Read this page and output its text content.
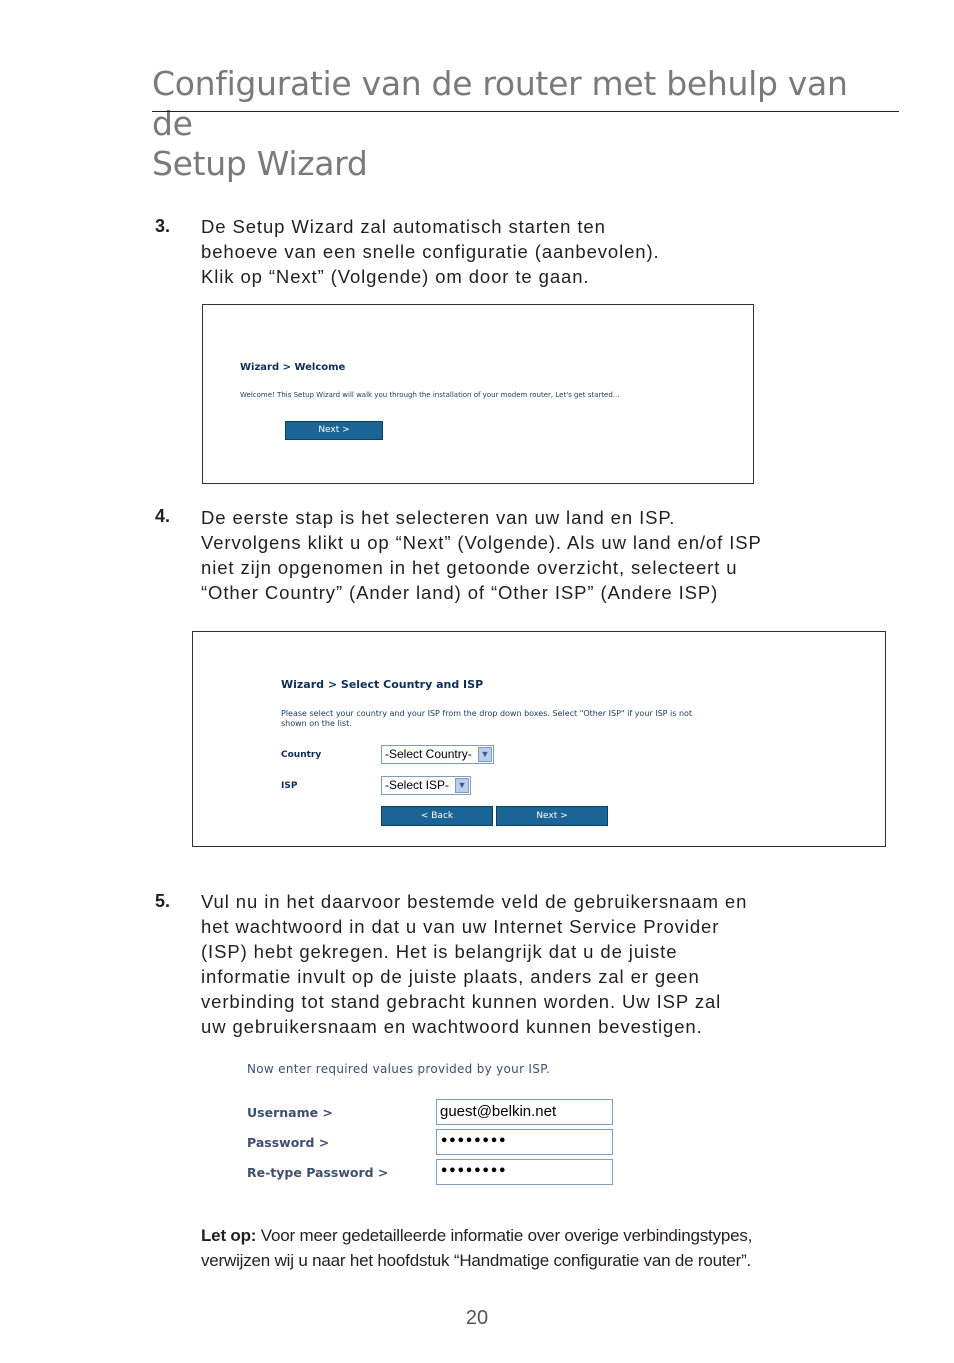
Configuratie van de router met behulp van de
Setup Wizard
3. De Setup Wizard zal automatisch starten ten
behoeve van een snelle configuratie (aanbevolen).
Klik op “Next” (Volgende) om door te gaan.
Wizard > Welcome
Welcome! This Setup Wizard will walk you through the installation of your modem router, Let's get started...
Next >
4. De eerste stap is het selecteren van uw land en ISP.
Vervolgens klikt u op “Next” (Volgende). Als uw land en/of ISP
niet zijn opgenomen in het getoonde overzicht, selecteert u
“Other Country” (Ander land) of “Other ISP” (Andere ISP)
Wizard > Select Country and ISP
Please select your country and your ISP from the drop down boxes. Select "Other ISP" if your ISP is not
shown on the list.
Country	-Select Country- ▼
ISP	-Select ISP- ▼
< Back	Next >
5. Vul nu in het daarvoor bestemde veld de gebruikersnaam en
het wachtwoord in dat u van uw Internet Service Provider
(ISP) hebt gekregen. Het is belangrijk dat u de juiste
informatie invult op de juiste plaats, anders zal er geen
verbinding tot stand gebracht kunnen worden. Uw ISP zal
uw gebruikersnaam en wachtwoord kunnen bevestigen.
Now enter required values provided by your ISP.
Username >	guest@belkin.net
Password >	••••••••
Re-type Password >	••••••••
Let op: Voor meer gedetailleerde informatie over overige verbindingstypes,
verwijzen wij u naar het hoofdstuk “Handmatige configuratie van de router”.
20
